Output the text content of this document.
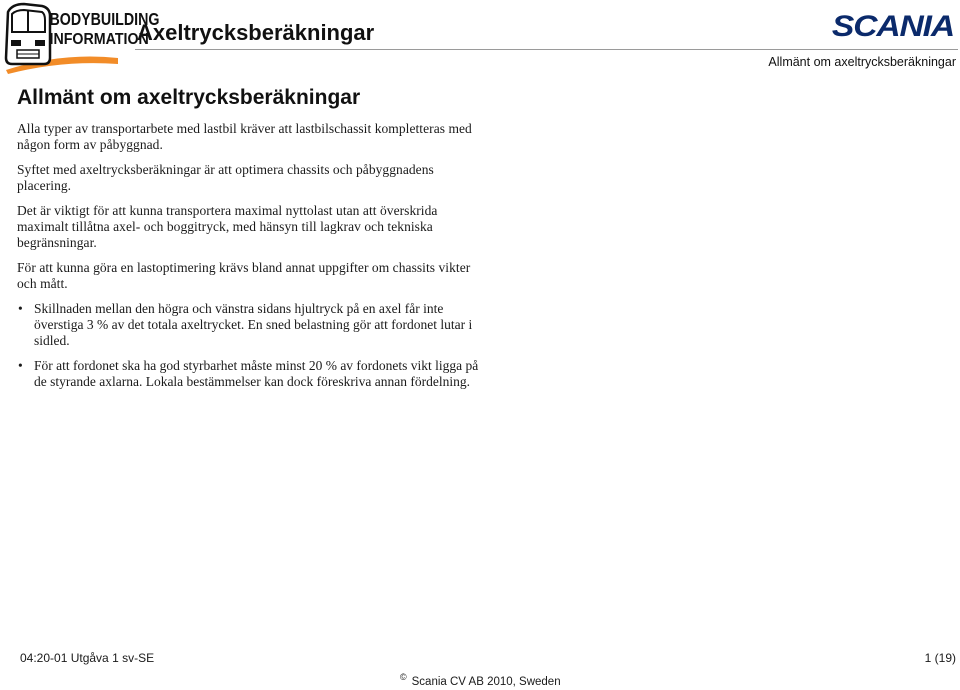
BODYBUILDING
INFORMATION
Axeltrycksberäkningar	SCANIA
Allmänt om axeltrycksberäkningar
Allmänt om axeltrycksberäkningar

Alla typer av transportarbete med lastbil kräver att lastbilschassit kompletteras med någon form av påbyggnad.

Syftet med axeltrycksberäkningar är att optimera chassits och påbyggnadens placering.

Det är viktigt för att kunna transportera maximal nyttolast utan att överskrida maximalt tillåtna axel- och boggitryck, med hänsyn till lagkrav och tekniska begränsningar.

För att kunna göra en lastoptimering krävs bland annat uppgifter om chassits vikter och mått.

• Skillnaden mellan den högra och vänstra sidans hjultryck på en axel får inte överstiga 3 % av det totala axeltrycket. En sned belastning gör att fordonet lutar i sidled.
• För att fordonet ska ha god styrbarhet måste minst 20 % av fordonets vikt ligga på de styrande axlarna. Lokala bestämmelser kan dock föreskriva annan fördelning.
04:20-01 Utgåva 1 sv-SE	1 (19)
© Scania CV AB 2010, Sweden
